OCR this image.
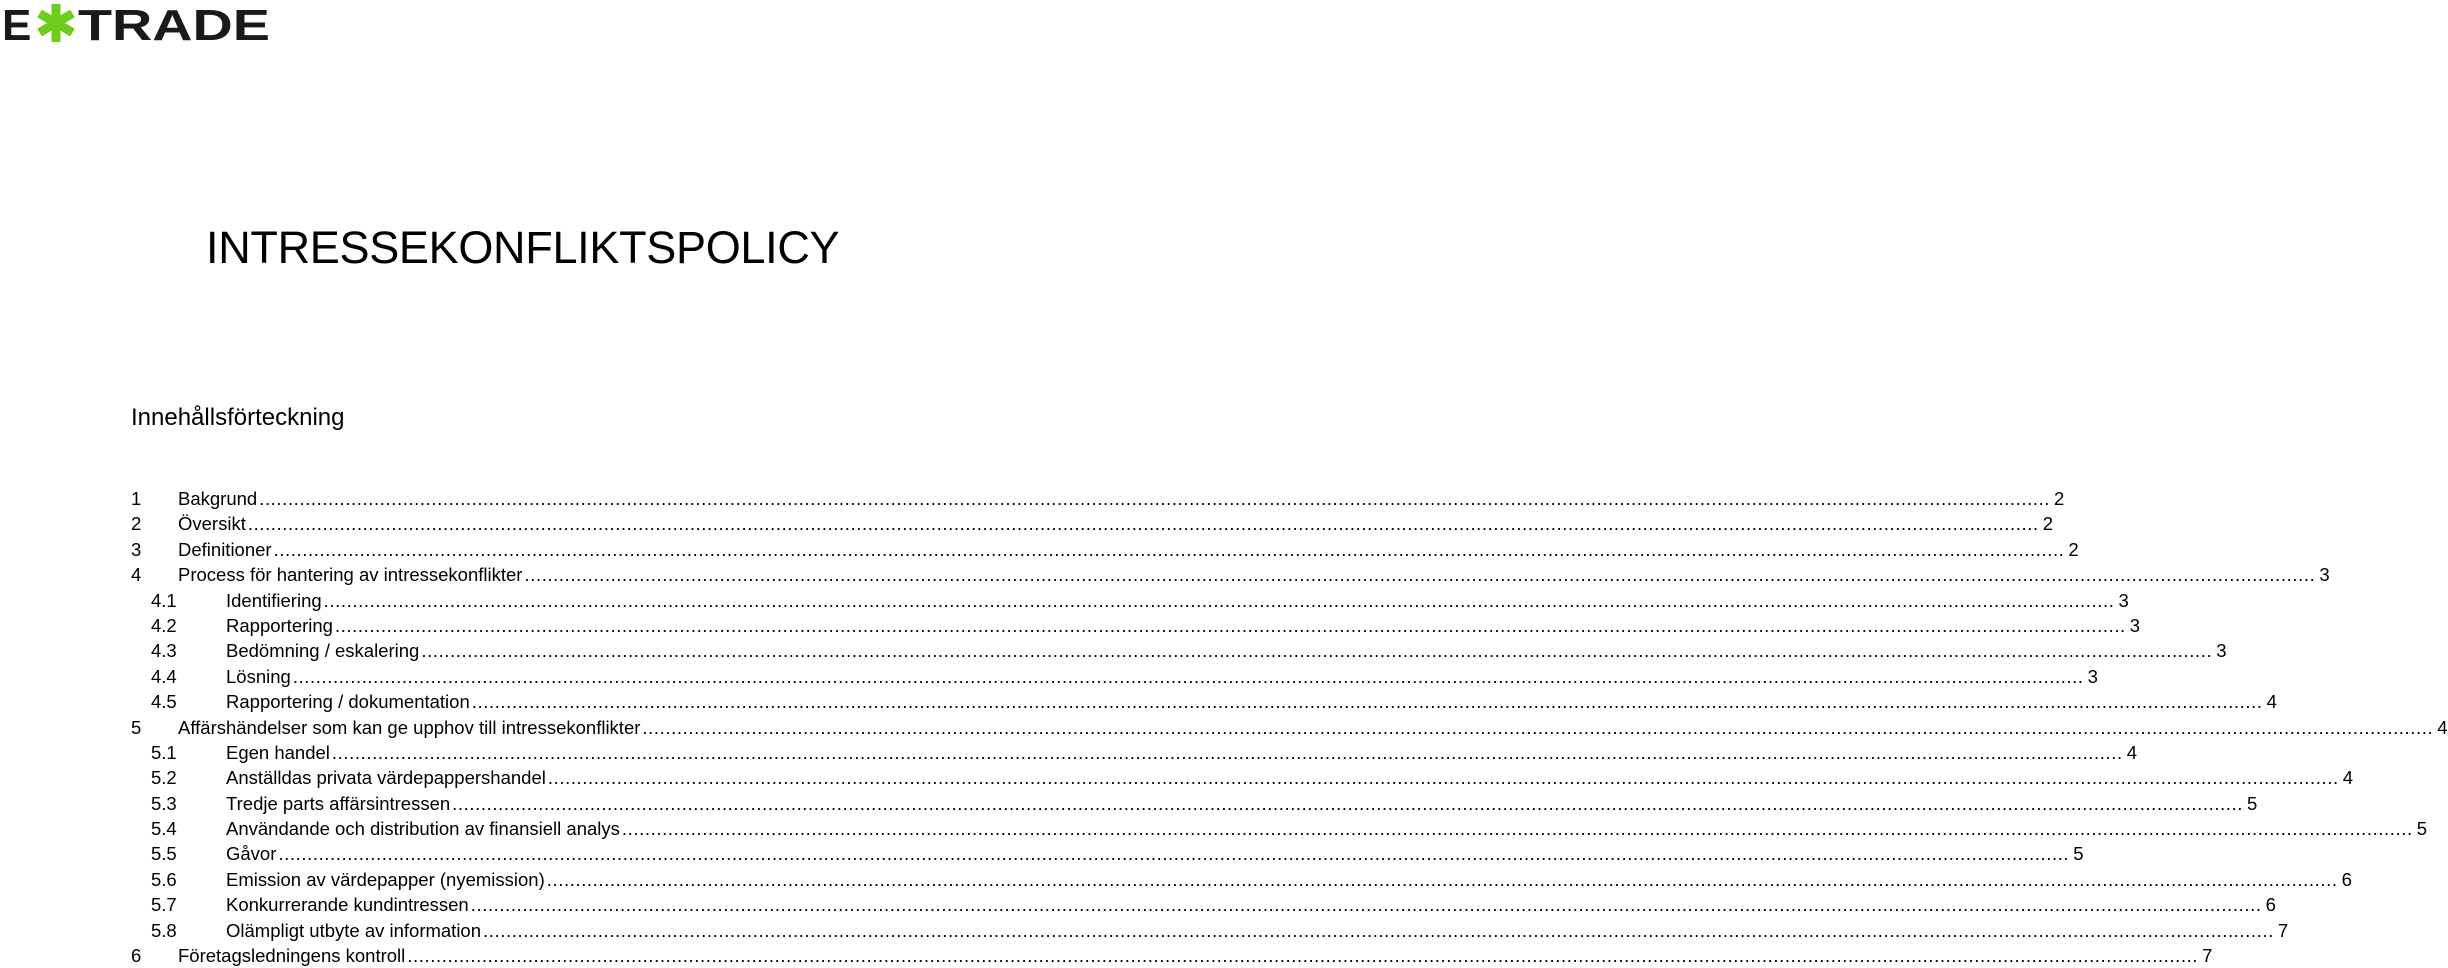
E TRADE
INTRESSEKONFLIKTSPOLICY
Innehållsförteckning
1 Bakgrund ........................................................................................................................................................................................................................................................................................................................ 2
2 Översikt ........................................................................................................................................................................................................................................................................................................................ 2
3 Definitioner ........................................................................................................................................................................................................................................................................................................................ 2
4 Process för hantering av intressekonflikter ........................................................................................................................................................................................................................................................................................................................ 3
4.1	Identifiering ........................................................................................................................................................................................................................................................................................................................ 3
4.2	Rapportering ........................................................................................................................................................................................................................................................................................................................ 3
4.3	Bedömning / eskalering ........................................................................................................................................................................................................................................................................................................................ 3
4.4	Lösning ........................................................................................................................................................................................................................................................................................................................ 3
4.5	Rapportering / dokumentation ........................................................................................................................................................................................................................................................................................................................ 4
5 Affärshändelser som kan ge upphov till intressekonflikter ........................................................................................................................................................................................................................................................................................................................ 4
5.1	Egen handel ........................................................................................................................................................................................................................................................................................................................ 4
5.2	Anställdas privata värdepappershandel ........................................................................................................................................................................................................................................................................................................................ 4
5.3	Tredje parts affärsintressen ........................................................................................................................................................................................................................................................................................................................ 5
5.4	Användande och distribution av finansiell analys ........................................................................................................................................................................................................................................................................................................................ 5
5.5	Gåvor ........................................................................................................................................................................................................................................................................................................................ 5
5.6	Emission av värdepapper (nyemission) ........................................................................................................................................................................................................................................................................................................................ 6
5.7	Konkurrerande kundintressen ........................................................................................................................................................................................................................................................................................................................ 6
5.8	Olämpligt utbyte av information ........................................................................................................................................................................................................................................................................................................................ 7
6 Företagsledningens kontroll ........................................................................................................................................................................................................................................................................................................................ 7
